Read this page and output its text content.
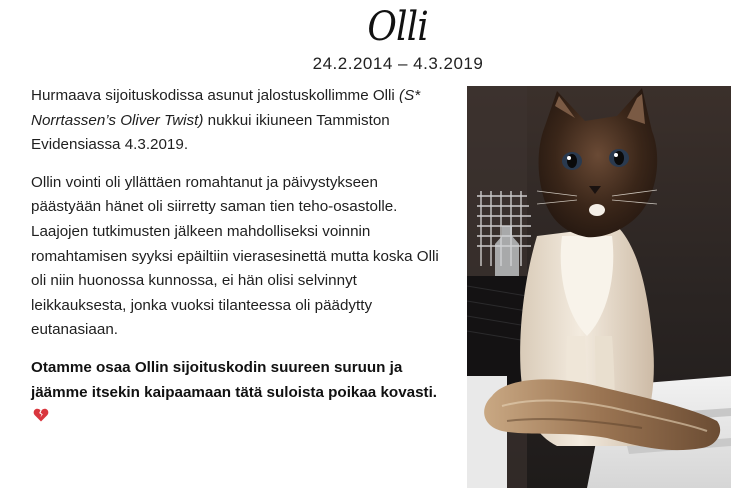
Olli
24.2.2014 – 4.3.2019

Hurmaava sijoituskodissa asunut jalostuskollimme Olli (S* Norrtassen’s Oliver Twist) nukkui ikiuneen Tammiston Evidensiassa 4.3.2019.

Ollin vointi oli yllättäen romahtanut ja päivystykseen päästyään hänet oli siirretty saman tien teho-osastolle. Laajojen tutkimusten jälkeen mahdolliseksi voinnin romahtamisen syyksi epäiltiin vierasesinettä mutta koska Olli oli niin huonossa kunnossa, ei hän olisi selvinnyt leikkauksesta, jonka vuoksi tilanteessa oli päädytty eutanasiaan.

Otamme osaa Ollin sijoituskodin suureen suruun ja jäämme itsekin kaipaamaan tätä suloista poikaa kovasti.
